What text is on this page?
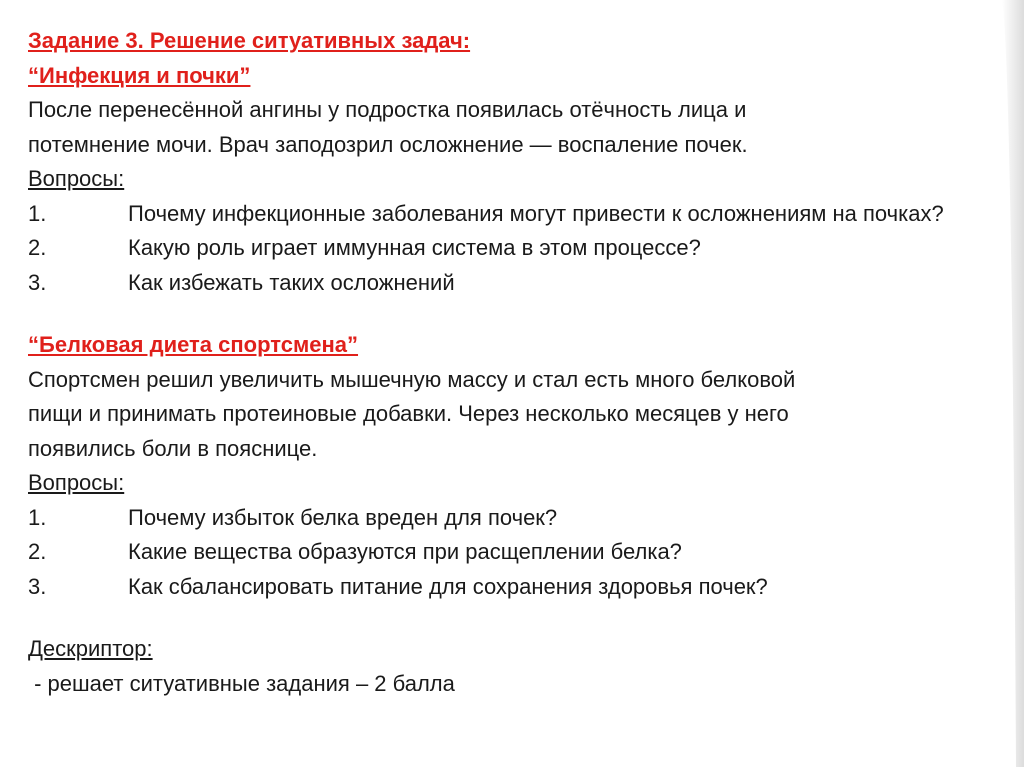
Задание 3. Решение ситуативных задач:
“Инфекция и почки”
После перенесённой ангины у подростка появилась отёчность лица и
потемнение мочи. Врач заподозрил осложнение — воспаление почек.
Вопросы:
1.	Почему инфекционные заболевания могут привести к осложнениям на почках?
2.	Какую роль играет иммунная система в этом процессе?
3.	Как избежать таких осложнений
“Белковая диета спортсмена”
Спортсмен решил увеличить мышечную массу и стал есть много белковой
пищи и принимать протеиновые добавки. Через несколько месяцев у него
появились боли в пояснице.
Вопросы:
1.	Почему избыток белка вреден для почек?
2.	Какие вещества образуются при расщеплении белка?
3.	Как сбалансировать питание для сохранения здоровья почек?
Дескриптор:
- решает ситуативные задания – 2 балла
